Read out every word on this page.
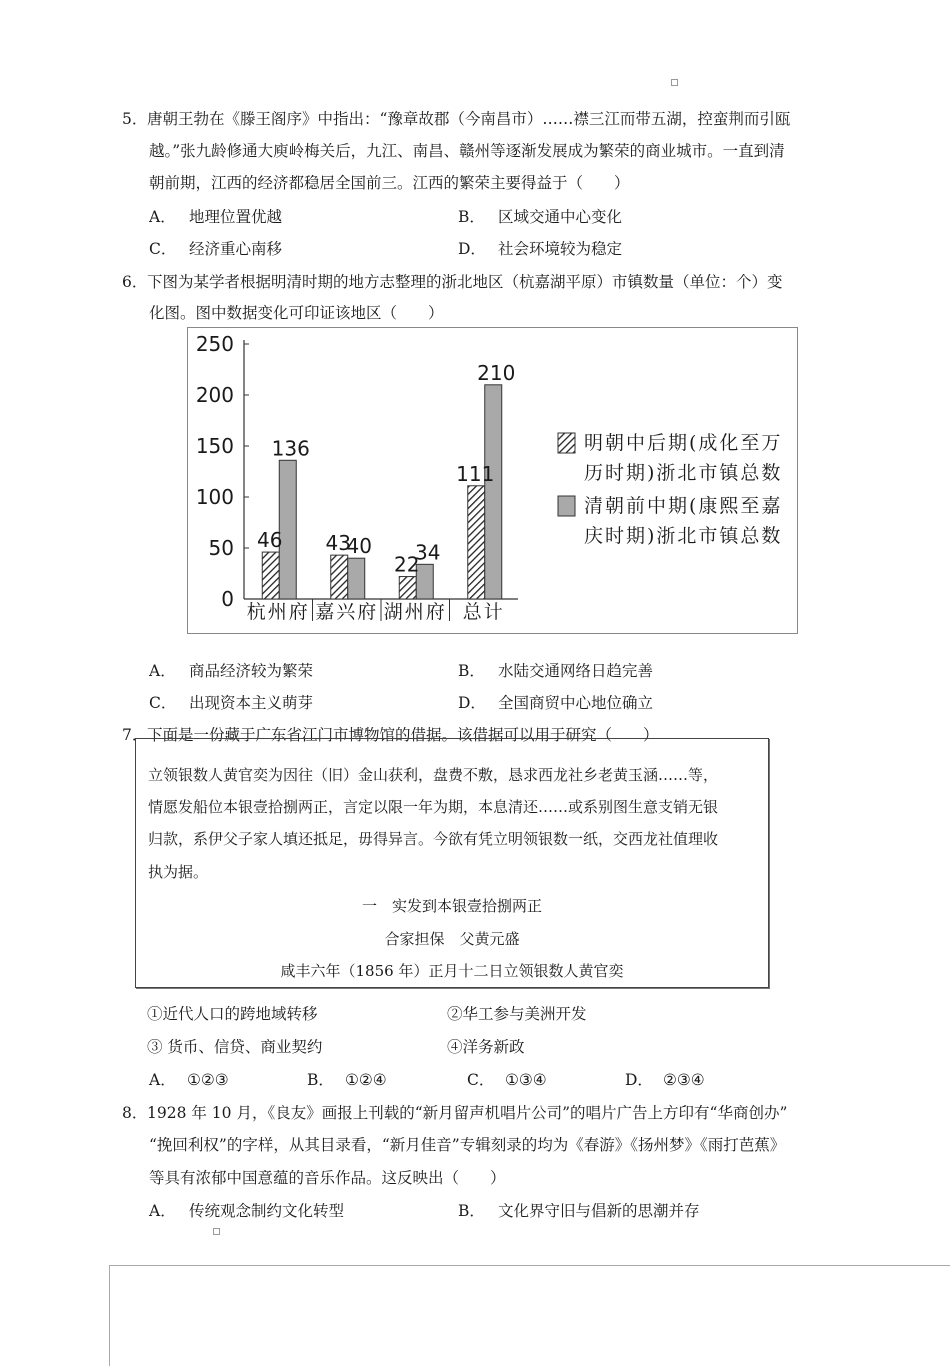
5． 唐朝王勃在《滕王阁序》中指出：“豫章故郡（今南昌市）……襟三江而带五湖，控蛮荆而引瓯
越。”张九龄修通大庾岭梅关后，九江、南昌、赣州等逐渐发展成为繁荣的商业城市。一直到清
朝前期，江西的经济都稳居全国前三。江西的繁荣主要得益于（　　）
A． 地理位置优越	B． 区域交通中心变化
C． 经济重心南移	D． 社会环境较为稳定
6． 下图为某学者根据明清时期的地方志整理的浙北地区（杭嘉湖平原）市镇数量（单位：个）变
化图。图中数据变化可印证该地区（　　）
250
200
150
100
50
0
46
136
杭州府
43
40
嘉兴府
22
34
湖州府
111
210
总计
明朝中后期(成化至万
历时期)浙北市镇总数
清朝前中期(康熙至嘉
庆时期)浙北市镇总数
A． 商品经济较为繁荣	B． 水陆交通网络日趋完善
C． 出现资本主义萌芽	D． 全国商贸中心地位确立
7． 下面是一份藏于广东省江门市博物馆的借据。该借据可以用于研究（　　）
立领银数人黄官奕为因往（旧）金山获利，盘费不敷，恳求西龙社乡老黄玉涵……等，
情愿发船位本银壹拾捌两正，言定以限一年为期，本息清还……或系别图生意支销无银
归款，系伊父子家人填还抵足，毋得异言。今欲有凭立明领银数一纸，交西龙社值理收
执为据。
一　实发到本银壹拾捌两正
合家担保　父黄元盛
咸丰六年（1856 年）正月十二日立领银数人黄官奕
①近代人口的跨地域转移	②华工参与美洲开发
③ 货币、信贷、商业契约	④洋务新政
A． ①②③	B． ①②④	C． ①③④	D． ②③④
8． 1928 年 10 月，《良友》画报上刊载的“新月留声机唱片公司”的唱片广告上方印有“华商创办”
“挽回利权”的字样，从其目录看，“新月佳音”专辑刻录的均为《春游》《扬州梦》《雨打芭蕉》
等具有浓郁中国意蕴的音乐作品。这反映出（　　）
A． 传统观念制约文化转型	B． 文化界守旧与倡新的思潮并存
